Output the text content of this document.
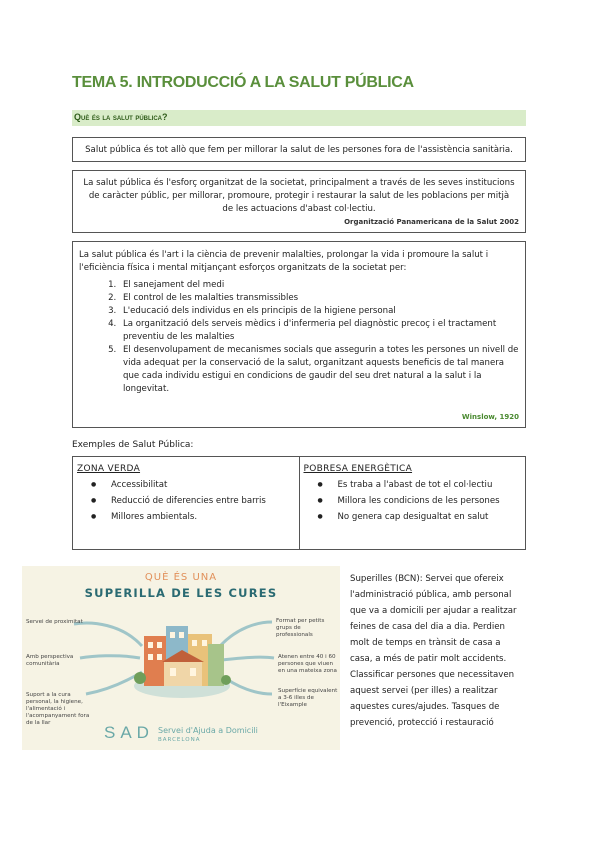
TEMA 5. INTRODUCCIÓ A LA SALUT PÚBLICA
Què és la salut pública?
Salut pública és tot allò que fem per millorar la salut de les persones fora de l'assistència sanitària.
La salut pública és l'esforç organitzat de la societat, principalment a través de les seves institucions de caràcter públic, per millorar, promoure, protegir i restaurar la salut de les poblacions per mitjà de les actuacions d'abast col·lectiu.
Organització Panamericana de la Salut 2002
La salut pública és l'art i la ciència de prevenir malalties, prolongar la vida i promoure la salut i l'eficiència física i mental mitjançant esforços organitzats de la societat per:
1. El sanejament del medi
2. El control de les malalties transmissibles
3. L'educació dels individus en els principis de la higiene personal
4. La organització dels serveis mèdics i d'infermeria pel diagnòstic precoç i el tractament preventiu de les malalties
5. El desenvolupament de mecanismes socials que assegurin a totes les persones un nivell de vida adequat per la conservació de la salut, organitzant aquests beneficis de tal manera que cada individu estigui en condicions de gaudir del seu dret natural a la salut i la longevitat.
Winslow, 1920
Exemples de Salut Pública:
ZONA VERDA
● Accessibilitat
● Reducció de diferencies entre barris
● Millores ambientals.
POBRESA ENERGÈTICA
● Es traba a l'abast de tot el col·lectiu
● Millora les condicions de les persones
● No genera cap desigualtat en salut
QUÈ ÉS UNA
SUPERILLA DE LES CURES
Servei de proximitat
Amb perspectiva comunitària
Suport a la cura personal, la higiene, l'alimentació i l'acompanyament fora de la llar
Format per petits grups de professionals
Atenen entre 40 i 60 persones que viuen en una mateixa zona
Superfície equivalent a 3-6 illes de l'Eixample
SAD Servei d'Ajuda a Domicili
BARCELONA
Superilles (BCN): Servei que ofereix l'administració pública, amb personal que va a domicili per ajudar a realitzar feines de casa del dia a dia. Perdien molt de temps en trànsit de casa a casa, a més de patir molt accidents. Classificar persones que necessitaven aquest servei (per illes) a realitzar aquestes cures/ajudes. Tasques de prevenció, protecció i restauració
